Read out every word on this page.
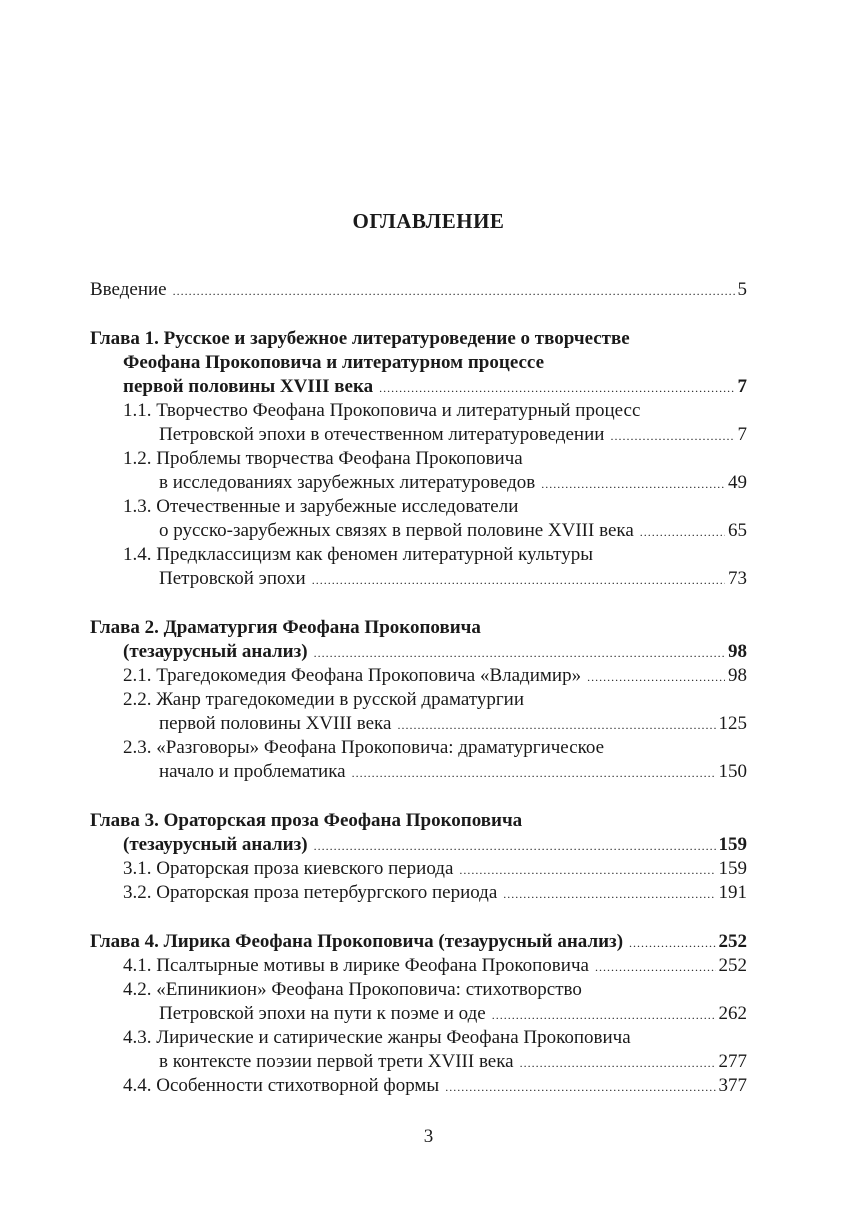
ОГЛАВЛЕНИЕ
Введение .....	5
Глава 1. Русское и зарубежное литературоведение о творчестве
Феофана Прокоповича и литературном процессе
первой половины XVIII века .....	7
1.1. Творчество Феофана Прокоповича и литературный процесс
Петровской эпохи в отечественном литературоведении .....	7
1.2. Проблемы творчества Феофана Прокоповича
в исследованиях зарубежных литературоведов .....	49
1.3. Отечественные и зарубежные исследователи
о русско-зарубежных связях в первой половине XVIII века .....	65
1.4. Предклассицизм как феномен литературной культуры
Петровской эпохи .....	73
Глава 2. Драматургия Феофана Прокоповича
(тезаурусный анализ) .....	98
2.1. Трагедокомедия Феофана Прокоповича «Владимир» .....	98
2.2. Жанр трагедокомедии в русской драматургии
первой половины XVIII века .....	125
2.3. «Разговоры» Феофана Прокоповича: драматургическое
начало и проблематика .....	150
Глава 3. Ораторская проза Феофана Прокоповича
(тезаурусный анализ) .....	159
3.1. Ораторская проза киевского периода .....	159
3.2. Ораторская проза петербургского периода .....	191
Глава 4. Лирика Феофана Прокоповича (тезаурусный анализ) .....	252
4.1. Псалтырные мотивы в лирике Феофана Прокоповича .....	252
4.2. «Епиникион» Феофана Прокоповича: стихотворство
Петровской эпохи на пути к поэме и оде .....	262
4.3. Лирические и сатирические жанры Феофана Прокоповича
в контексте поэзии первой трети XVIII века .....	277
4.4. Особенности стихотворной формы .....	377
3
